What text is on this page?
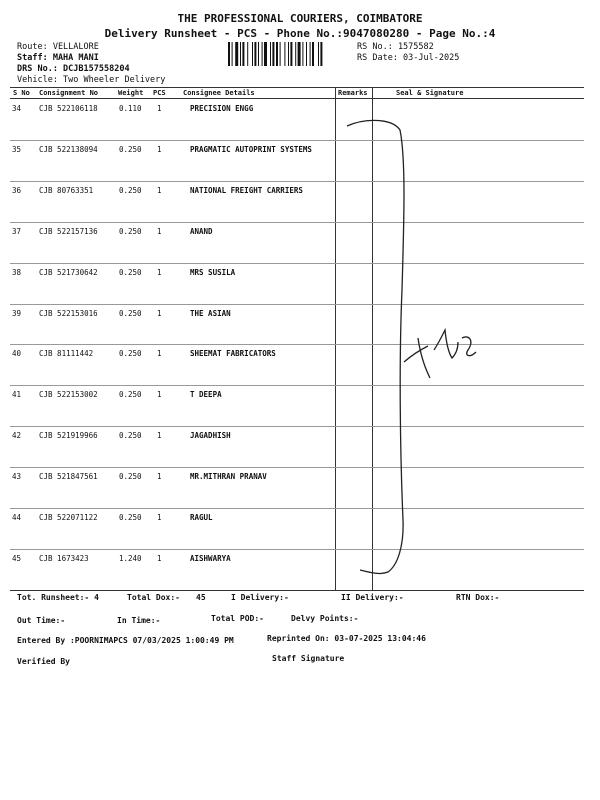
THE PROFESSIONAL COURIERS, COIMBATORE
Delivery Runsheet - PCS - Phone No.:9047080280 - Page No.:4
Route: VELLALORE
Staff: MAHA MANI
DRS No.: DCJB157558204
Vehicle: Two Wheeler Delivery
RS No.: 1575582
RS Date: 03-Jul-2025
S No Consignment No	Weight PCS Consignee Details	Remarks	Seal & Signature
34 CJB 522106118	0.110 1	PRECISION ENGG
35 CJB 522138094	0.250 1	PRAGMATIC AUTOPRINT SYSTEMS
36 CJB 80763351	0.250 1	NATIONAL FREIGHT CARRIERS
37 CJB 522157136	0.250 1	ANAND
38 CJB 521730642	0.250 1	MRS SUSILA
39 CJB 522153016	0.250 1	THE ASIAN
40 CJB 81111442	0.250 1	SHEEMAT FABRICATORS
41 CJB 522153002	0.250 1	T DEEPA
42 CJB 521919966	0.250 1	JAGADHISH
43 CJB 521847561	0.250 1	MR.MITHRAN PRANAV
44 CJB 522071122	0.250 1	RAGUL
45 CJB 1673423	1.240 1	AISHWARYA
Tot. Runsheet:- 4	Total Dox:- 45	I Delivery:-	II Delivery:-	RTN Dox:-
Out Time:-	In Time:-	Total POD:-	Delvy Points:-
Entered By :POORNIMAPCS 07/03/2025 1:00:49 PM	Reprinted On: 03-07-2025 13:04:46
Verified By	Staff Signature
